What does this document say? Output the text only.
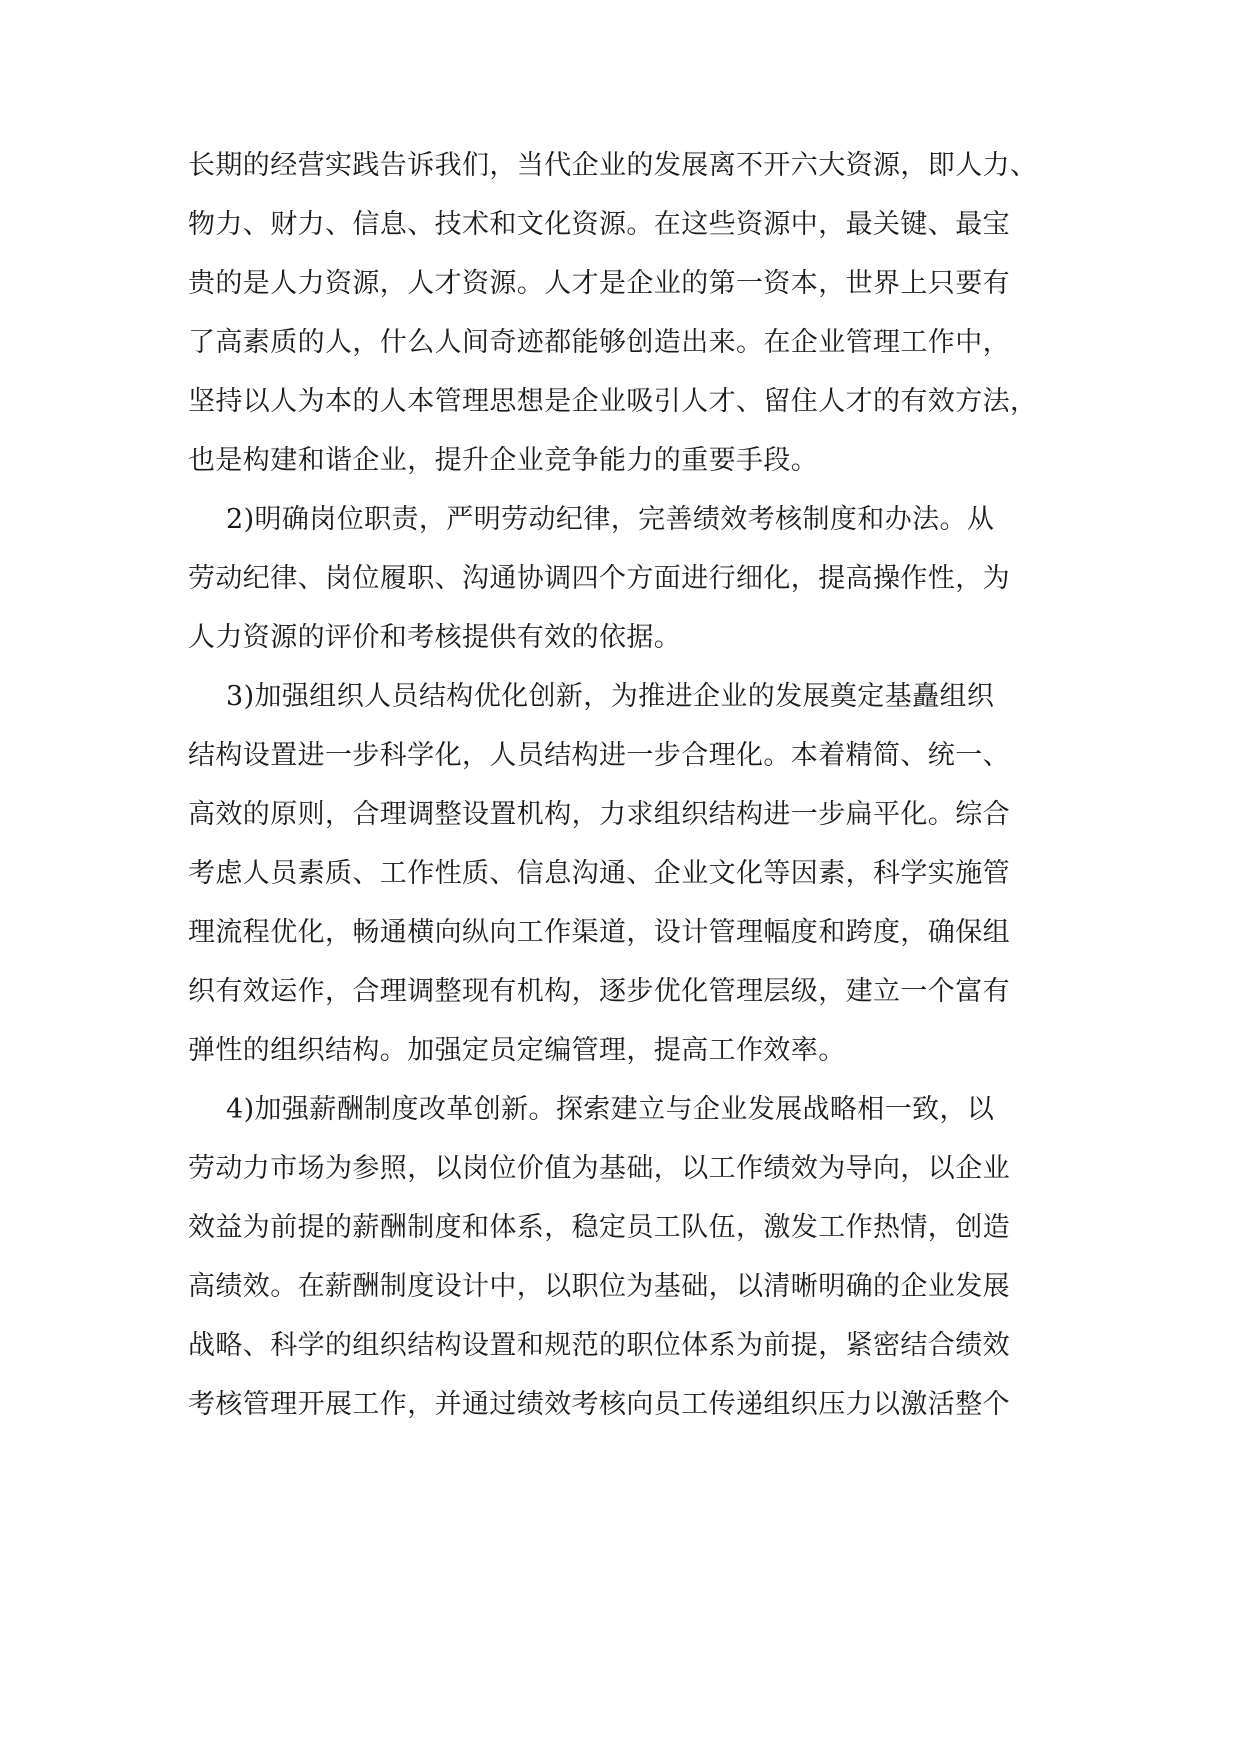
长期的经营实践告诉我们，当代企业的发展离不开六大资源，即人力、
物力、财力、信息、技术和文化资源。在这些资源中，最关键、最宝
贵的是人力资源，人才资源。人才是企业的第一资本，世界上只要有
了高素质的人，什么人间奇迹都能够创造出来。在企业管理工作中，
坚持以人为本的人本管理思想是企业吸引人才、留住人才的有效方法，
也是构建和谐企业，提升企业竞争能力的重要手段。
2)明确岗位职责，严明劳动纪律，完善绩效考核制度和办法。从
劳动纪律、岗位履职、沟通协调四个方面进行细化，提高操作性，为
人力资源的评价和考核提供有效的依据。
3)加强组织人员结构优化创新，为推进企业的发展奠定基矗组织
结构设置进一步科学化，人员结构进一步合理化。本着精简、统一、
高效的原则，合理调整设置机构，力求组织结构进一步扁平化。综合
考虑人员素质、工作性质、信息沟通、企业文化等因素，科学实施管
理流程优化，畅通横向纵向工作渠道，设计管理幅度和跨度，确保组
织有效运作，合理调整现有机构，逐步优化管理层级，建立一个富有
弹性的组织结构。加强定员定编管理，提高工作效率。
4)加强薪酬制度改革创新。探索建立与企业发展战略相一致，以
劳动力市场为参照，以岗位价值为基础，以工作绩效为导向，以企业
效益为前提的薪酬制度和体系，稳定员工队伍，激发工作热情，创造
高绩效。在薪酬制度设计中，以职位为基础，以清晰明确的企业发展
战略、科学的组织结构设置和规范的职位体系为前提，紧密结合绩效
考核管理开展工作，并通过绩效考核向员工传递组织压力以激活整个
